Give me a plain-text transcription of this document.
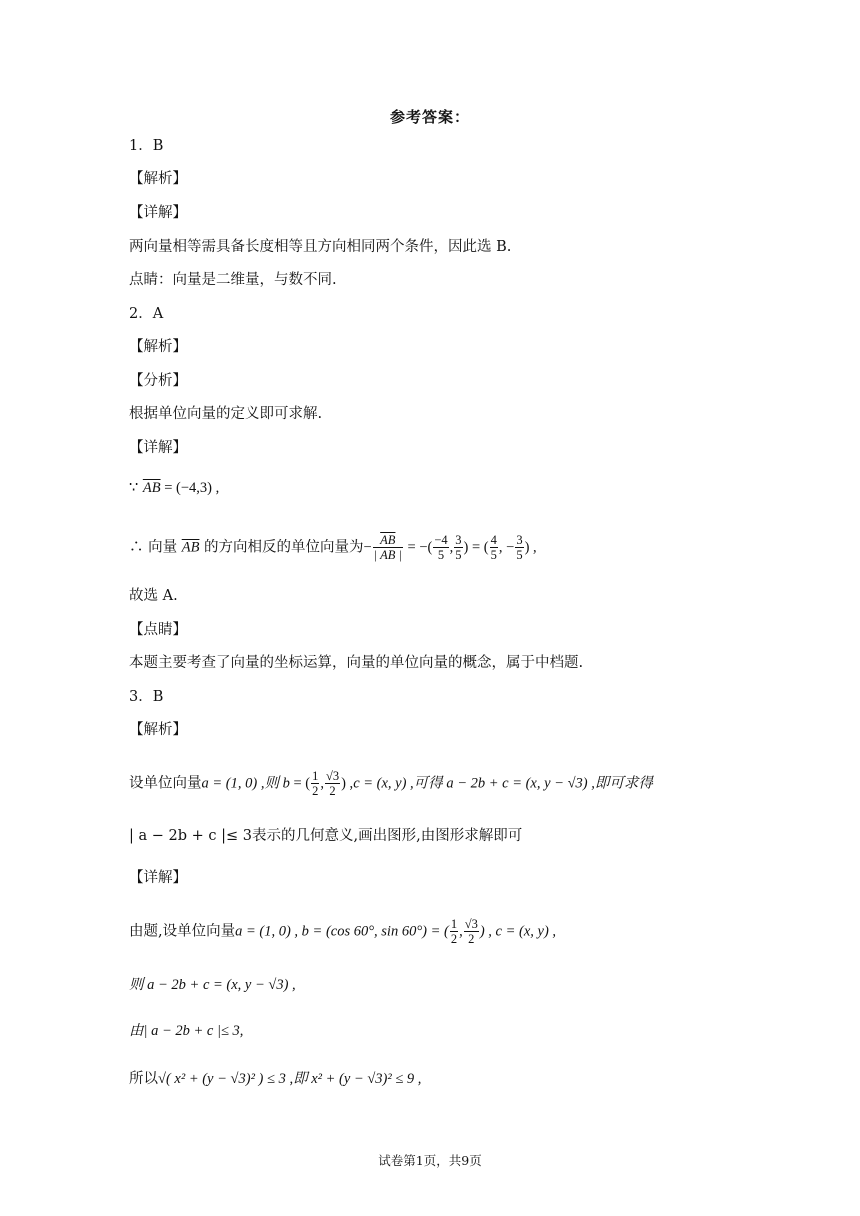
参考答案：
1．B
【解析】
【详解】
两向量相等需具备长度相等且方向相同两个条件，因此选 B.
点睛：向量是二维量，与数不同.
2．A
【解析】
【分析】
根据单位向量的定义即可求解.
【详解】
∵ $\overline{AB} = (-4,3)$ ,
∴ 向量 $\overline{AB}$ 的方向相反的单位向量为− $\frac{\overline{AB}}{| AB |}$ = −( $\frac{-4}{5}$ , $\frac{3}{5}$ ) = ( $\frac{4}{5}$ , − $\frac{3}{5}$ ) ,
故选 A.
【点睛】
本题主要考查了向量的坐标运算，向量的单位向量的概念，属于中档题.
3．B
【解析】
设单位向量a = (1, 0) ,则 b = ( $\frac{1}{2}$ , $\frac{√3}{2}$ ) ,c = (x, y) ,可得 a − 2b + c = (x, y − √3) ,即可求得
| a − 2b + c |≤ 3表示的几何意义,画出图形,由图形求解即可
【详解】
由题,设单位向量a = (1, 0) , b = (cos 60°, sin 60°) = ( $\frac{1}{2}$ , $\frac{√3}{2}$ ) , c = (x, y) ,
则 a − 2b + c = (x, y − √3) ,
由| a − 2b + c |≤ 3,
所以√( x² + (y − √3)² ) ≤ 3 ,即 x² + (y − √3)² ≤ 9 ,
试卷第1页，共9页
